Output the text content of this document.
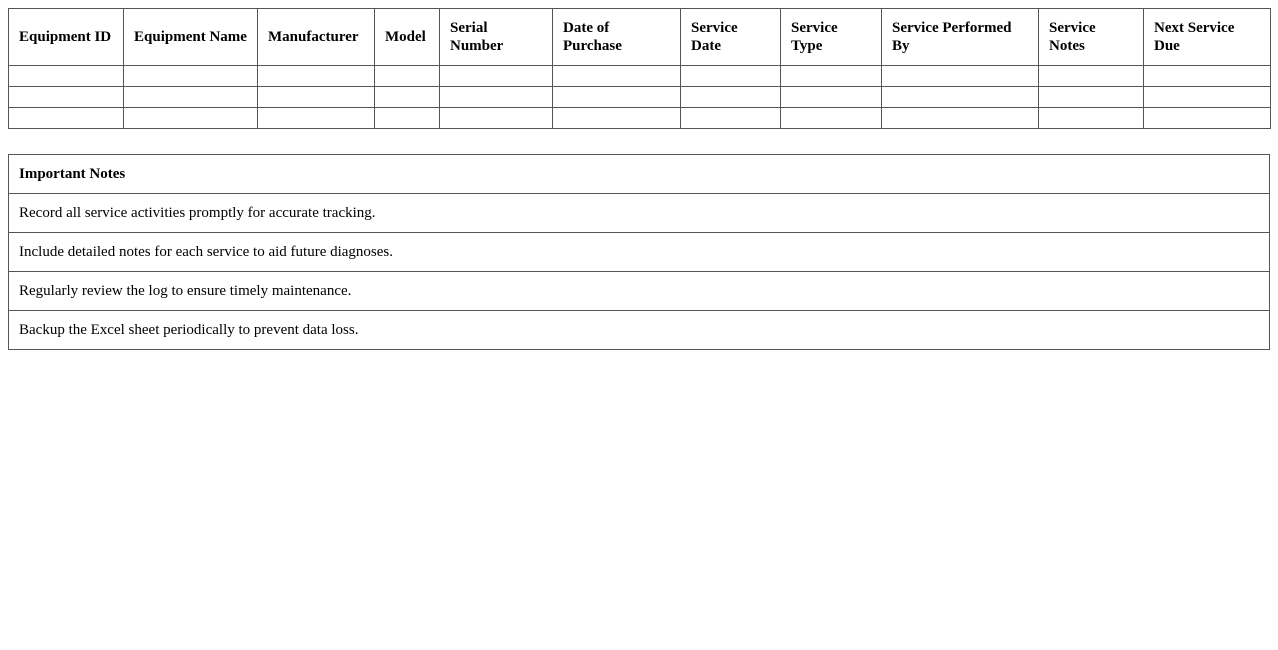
Equipment ID	Equipment Name	Manufacturer	Model	Serial Number	Date of Purchase	Service Date	Service Type	Service Performed By	Service Notes	Next Service Due

Important Notes
Record all service activities promptly for accurate tracking.
Include detailed notes for each service to aid future diagnoses.
Regularly review the log to ensure timely maintenance.
Backup the Excel sheet periodically to prevent data loss.
